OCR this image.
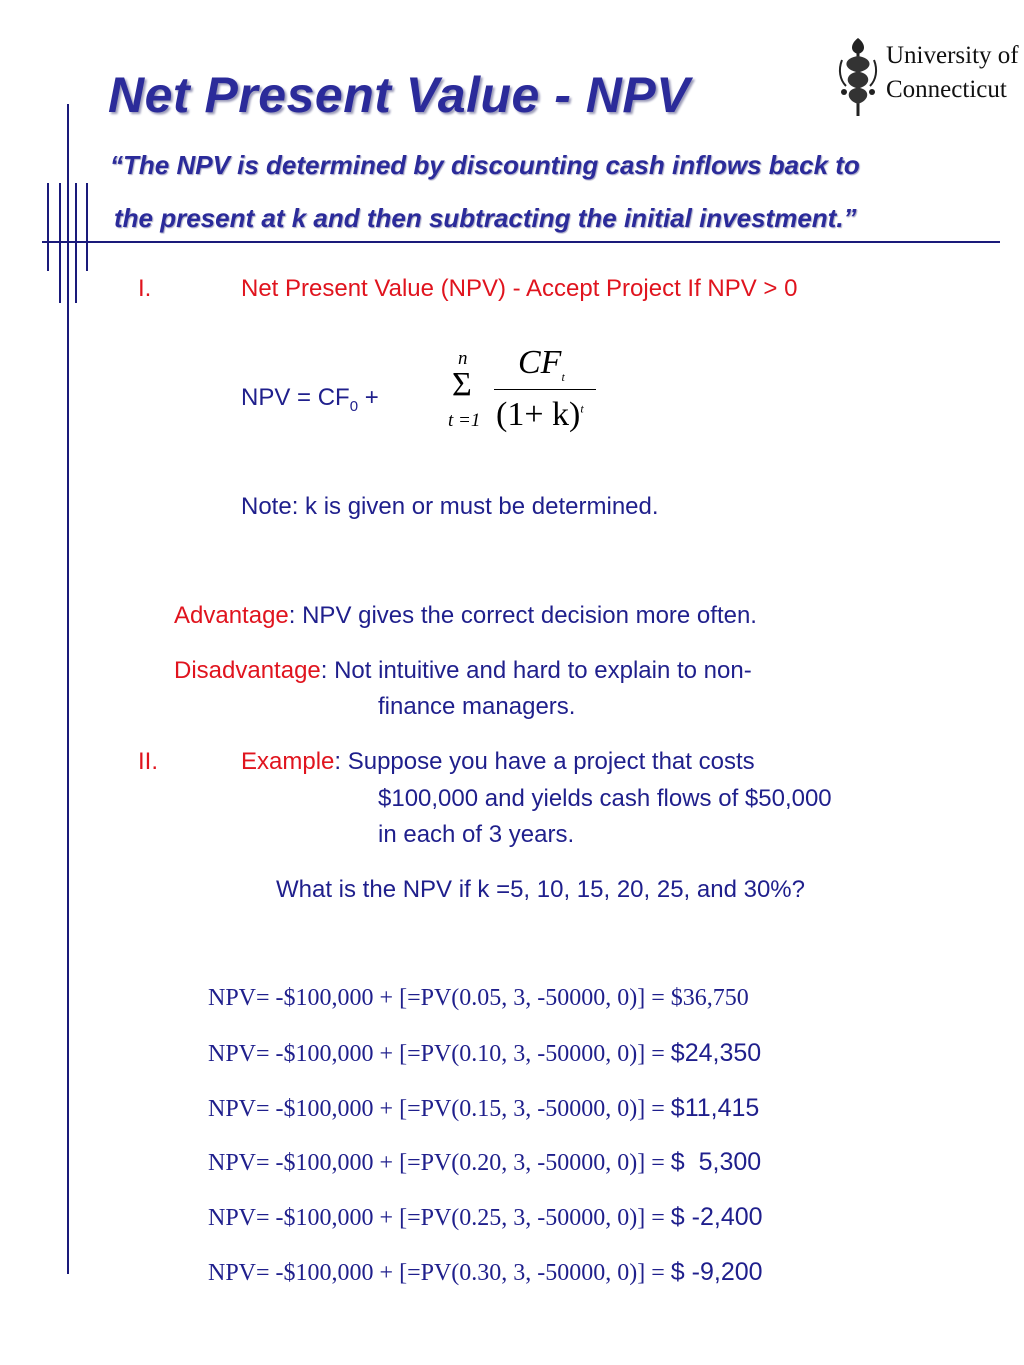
Net Present Value - NPV
University of
Connecticut
“The NPV is determined by discounting cash inflows back to
the present at k and then subtracting the initial investment.”
I.	Net Present Value (NPV) - Accept Project If NPV > 0
NPV = $CF_0$ +
n
Σ
t =1
$CF_t$
$(1+ k)^t$
Note: k is given or must be determined.
Advantage: NPV gives the correct decision more often.
Disadvantage: Not intuitive and hard to explain to non-
finance managers.
II.	Example: Suppose you have a project that costs
$100,000 and yields cash flows of $50,000
in each of 3 years.
What is the NPV if k =5, 10, 15, 20, 25, and 30%?
NPV= -$100,000 + [=PV(0.05, 3, -50000, 0)] = $36,750
NPV= -$100,000 + [=PV(0.10, 3, -50000, 0)] = $24,350
NPV= -$100,000 + [=PV(0.15, 3, -50000, 0)] = $11,415
NPV= -$100,000 + [=PV(0.20, 3, -50000, 0)] = $  5,300
NPV= -$100,000 + [=PV(0.25, 3, -50000, 0)] = $ -2,400
NPV= -$100,000 + [=PV(0.30, 3, -50000, 0)] = $ -9,200
